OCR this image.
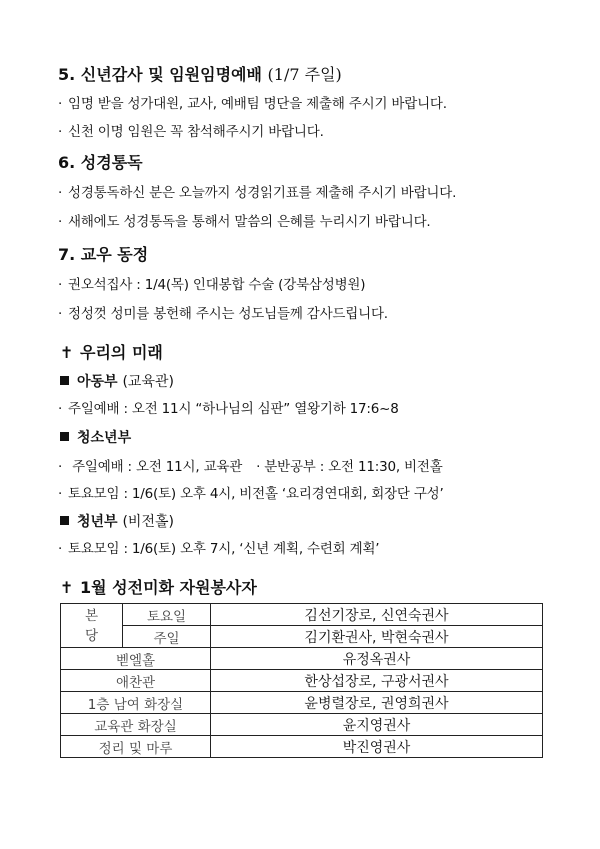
5. 신년감사 및 임원임명예배 (1/7 주일)
· 임명 받을 성가대원, 교사, 예배팀 명단을 제출해 주시기 바랍니다.
· 신천 이명 임원은 꼭 참석해주시기 바랍니다.
6. 성경통독
· 성경통독하신 분은 오늘까지 성경읽기표를 제출해 주시기 바랍니다.
· 새해에도 성경통독을 통해서 말씀의 은혜를 누리시기 바랍니다.
7. 교우 동정
· 권오석집사 : 1/4(목) 인대봉합 수술 (강북삼성병원)
· 정성껏 성미를 봉헌해 주시는 성도님들께 감사드립니다.
✝ 우리의 미래
아동부 (교육관)
· 주일예배 : 오전 11시 “하나님의 심판” 열왕기하 17:6~8
청소년부
· 주일예배 : 오전 11시, 교육관 · 분반공부 : 오전 11:30, 비전홀
· 토요모임 : 1/6(토) 오후 4시, 비전홀 ‘요리경연대회, 회장단 구성’
청년부 (비전홀)
· 토요모임 : 1/6(토) 오후 7시, ‘신년 계획, 수련회 계획’
✝ 1월 성전미화 자원봉사자
본
당	토요일	김선기장로, 신연숙권사
	주일	김기환권사, 박현숙권사
벧엘홀		유정옥권사
애찬관		한상섭장로, 구광서권사
1층 남여 화장실		윤병렬장로, 권영희권사
교육관 화장실		윤지영권사
정리 및 마루		박진영권사
